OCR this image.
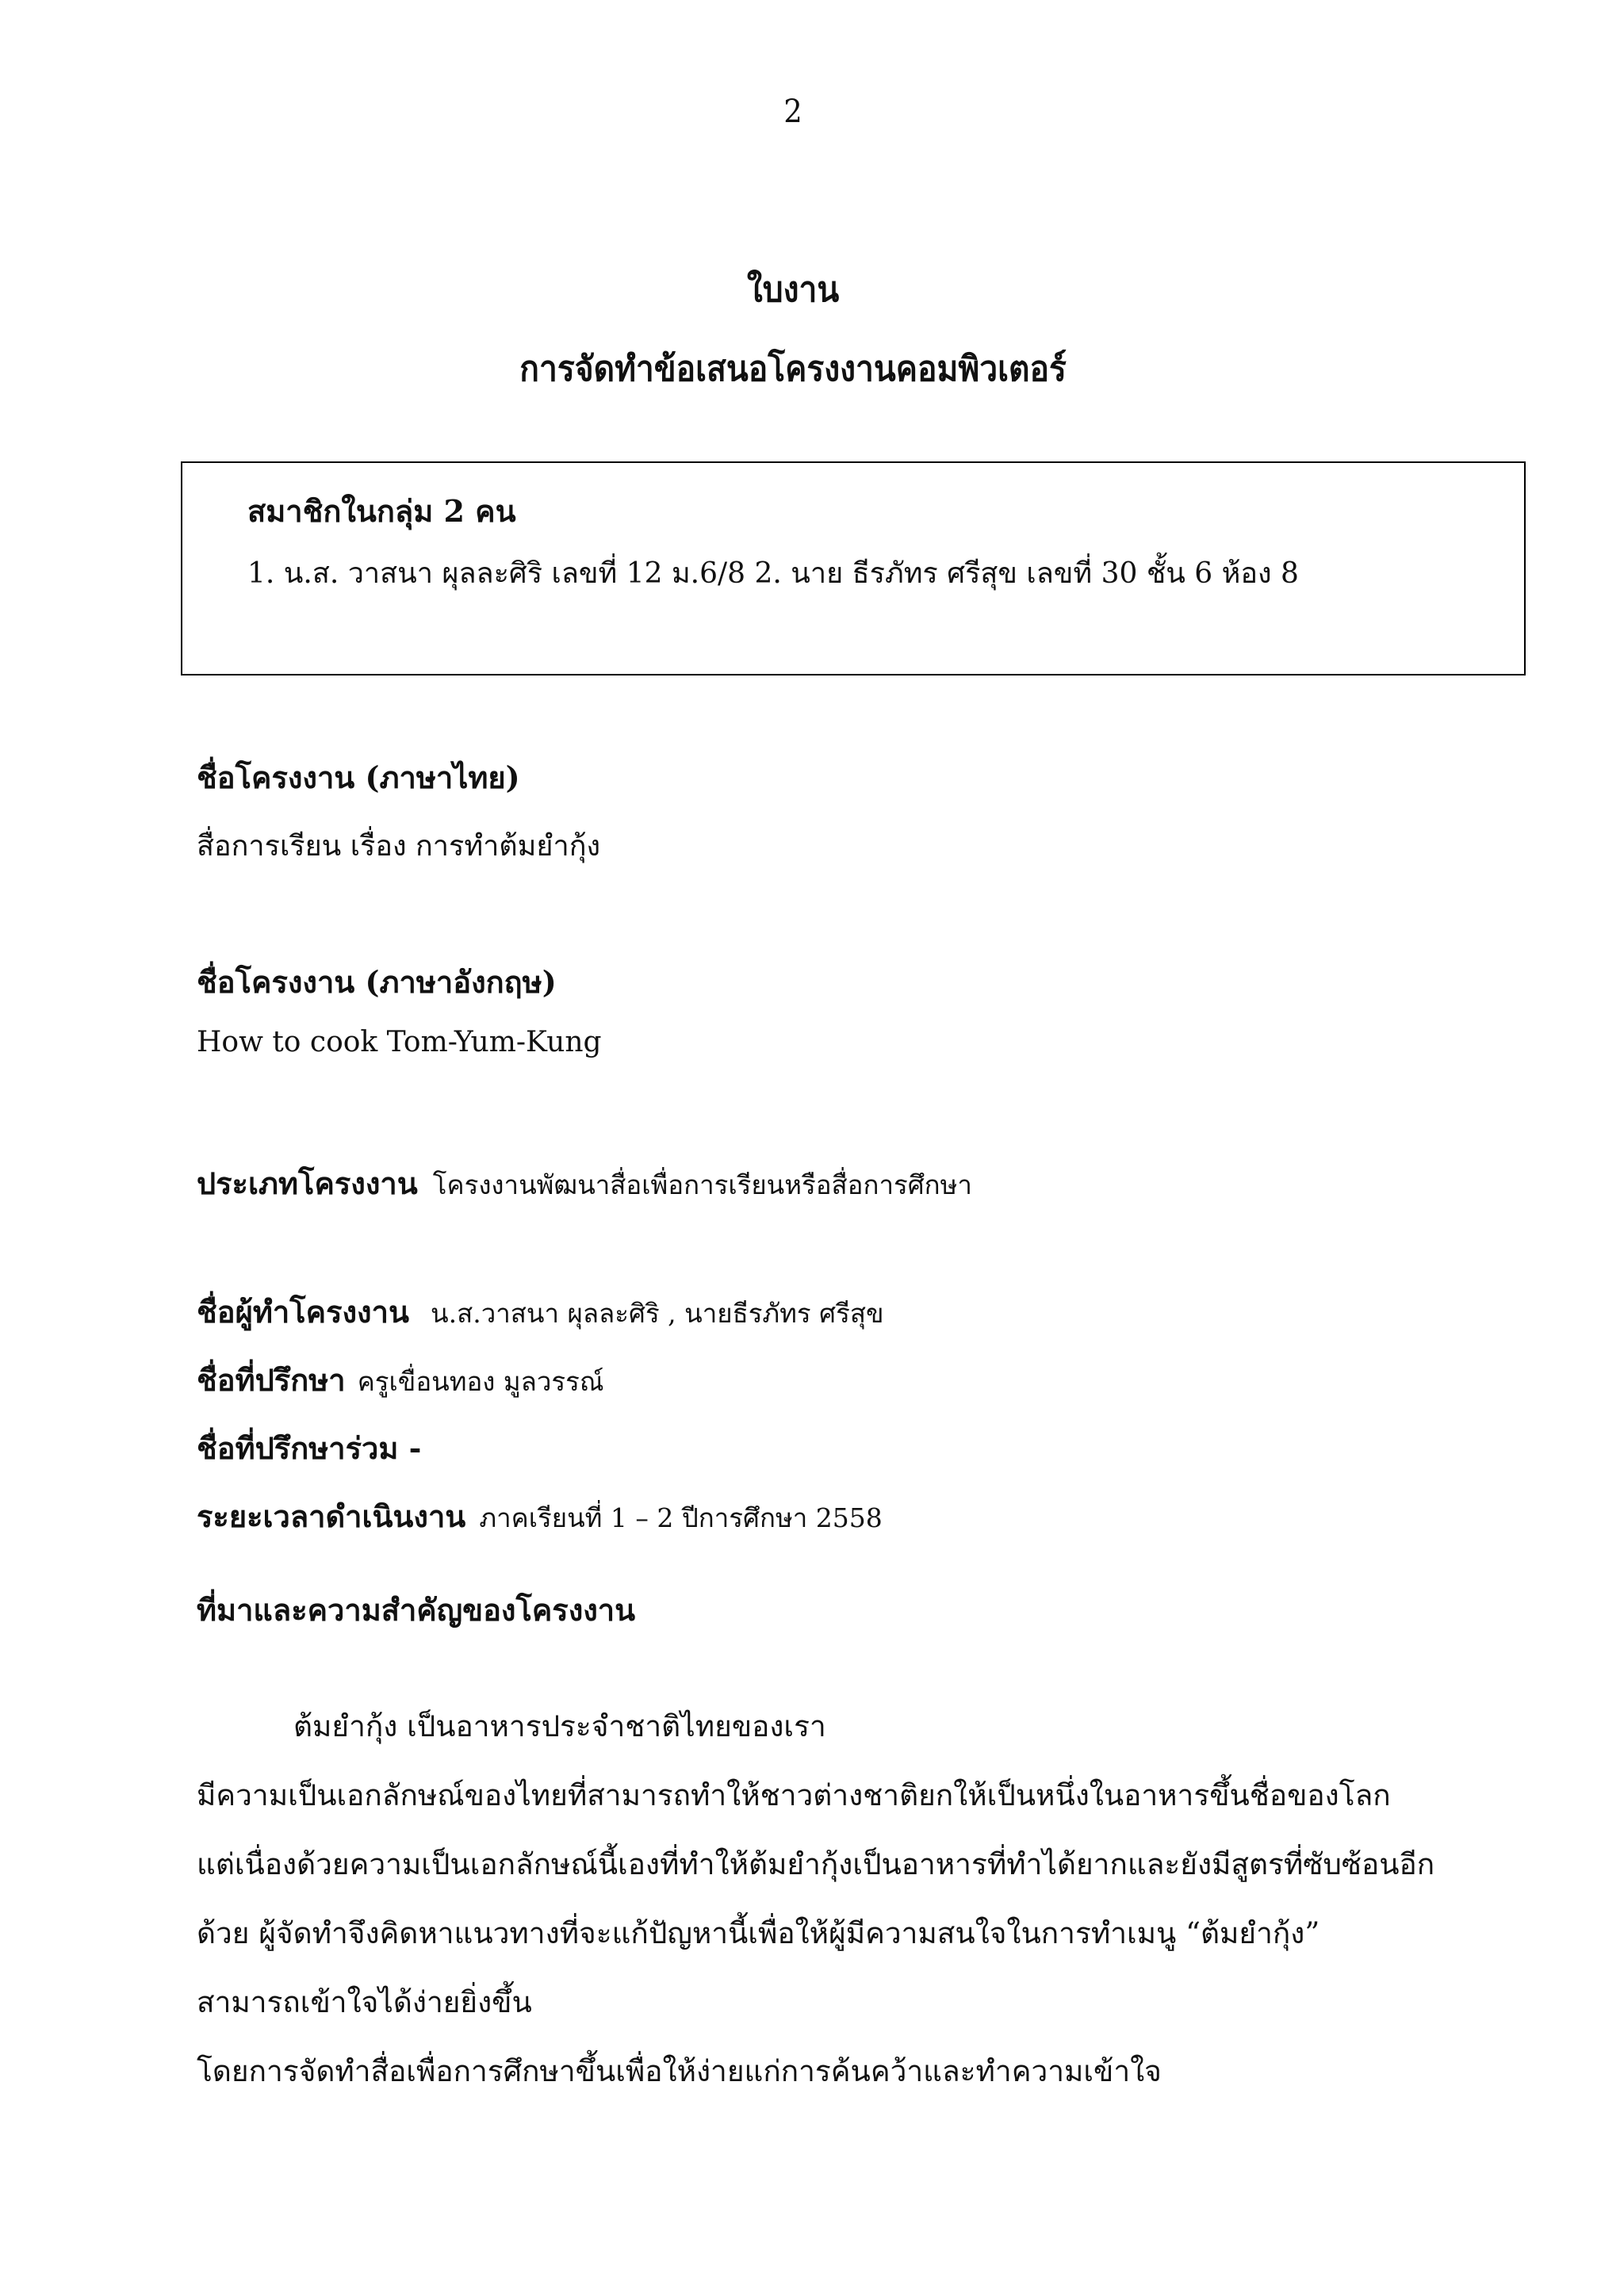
2
ใบงาน
การจัดทำข้อเสนอโครงงานคอมพิวเตอร์
สมาชิกในกลุ่ม 2 คน
1. น.ส. วาสนา ผุลละศิริ เลขที่ 12 ม.6/8 2. นาย ธีรภัทร ศรีสุข เลขที่ 30 ชั้น 6 ห้อง 8
ชื่อโครงงาน (ภาษาไทย)
สื่อการเรียน เรื่อง การทำต้มยำกุ้ง
ชื่อโครงงาน (ภาษาอังกฤษ)
How to cook Tom-Yum-Kung
ประเภทโครงงาน โครงงานพัฒนาสื่อเพื่อการเรียนหรือสื่อการศึกษา
ชื่อผู้ทำโครงงาน น.ส.วาสนา ผุลละศิริ , นายธีรภัทร ศรีสุข
ชื่อที่ปรึกษา ครูเขื่อนทอง มูลวรรณ์
ชื่อที่ปรึกษาร่วม -
ระยะเวลาดำเนินงาน ภาคเรียนที่ 1 – 2 ปีการศึกษา 2558
ที่มาและความสำคัญของโครงงาน
ต้มยำกุ้ง เป็นอาหารประจำชาติไทยของเรา
มีความเป็นเอกลักษณ์ของไทยที่สามารถทำให้ชาวต่างชาติยกให้เป็นหนึ่งในอาหารขึ้นชื่อของโลก
แต่เนื่องด้วยความเป็นเอกลักษณ์นี้เองที่ทำให้ต้มยำกุ้งเป็นอาหารที่ทำได้ยากและยังมีสูตรที่ซับซ้อนอีก
ด้วย ผู้จัดทำจึงคิดหาแนวทางที่จะแก้ปัญหานี้เพื่อให้ผู้มีความสนใจในการทำเมนู “ต้มยำกุ้ง”
สามารถเข้าใจได้ง่ายยิ่งขึ้น
โดยการจัดทำสื่อเพื่อการศึกษาขึ้นเพื่อให้ง่ายแก่การค้นคว้าและทำความเข้าใจ
